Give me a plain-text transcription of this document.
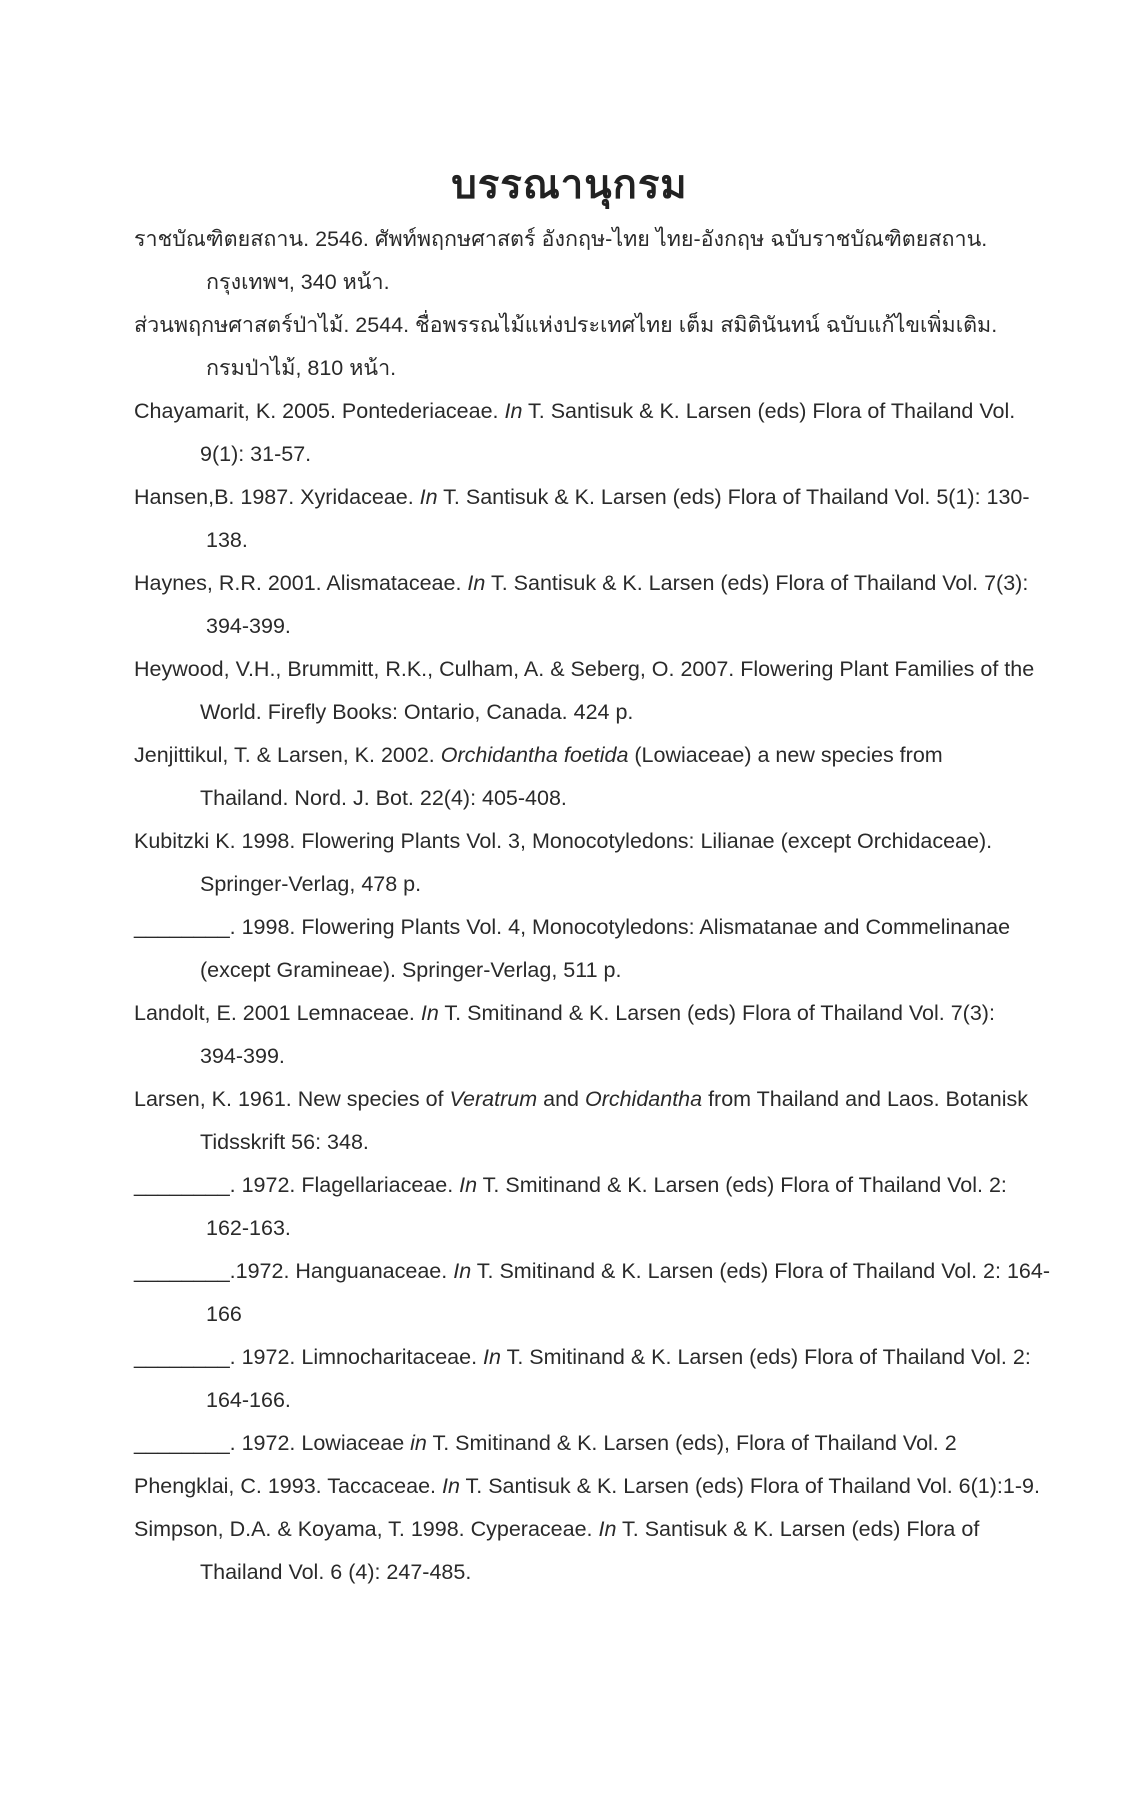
บรรณานุกรม
ราชบัณฑิตยสถาน. 2546. ศัพท์พฤกษศาสตร์ อังกฤษ-ไทย ไทย-อังกฤษ ฉบับราชบัณฑิตยสถาน.
กรุงเทพฯ, 340 หน้า.
ส่วนพฤกษศาสตร์ป่าไม้. 2544. ชื่อพรรณไม้แห่งประเทศไทย เต็ม สมิตินันทน์ ฉบับแก้ไขเพิ่มเติม.
กรมป่าไม้, 810 หน้า.
Chayamarit, K. 2005. Pontederiaceae. In T. Santisuk & K. Larsen (eds) Flora of Thailand Vol.
9(1): 31-57.
Hansen,B. 1987. Xyridaceae. In T. Santisuk & K. Larsen (eds) Flora of Thailand Vol. 5(1): 130-
138.
Haynes, R.R. 2001. Alismataceae. In T. Santisuk & K. Larsen (eds) Flora of Thailand Vol. 7(3):
394-399.
Heywood, V.H., Brummitt, R.K., Culham, A. & Seberg, O. 2007. Flowering Plant Families of the
World. Firefly Books: Ontario, Canada. 424 p.
Jenjittikul, T. & Larsen, K. 2002. Orchidantha foetida (Lowiaceae) a new species from
Thailand. Nord. J. Bot. 22(4): 405-408.
Kubitzki K. 1998. Flowering Plants Vol. 3, Monocotyledons: Lilianae (except Orchidaceae).
Springer-Verlag, 478 p.
________. 1998. Flowering Plants Vol. 4, Monocotyledons: Alismatanae and Commelinanae
(except Gramineae). Springer-Verlag, 511 p.
Landolt, E. 2001 Lemnaceae. In T. Smitinand & K. Larsen (eds) Flora of Thailand Vol. 7(3):
394-399.
Larsen, K. 1961. New species of Veratrum and Orchidantha from Thailand and Laos. Botanisk
Tidsskrift 56: 348.
________. 1972. Flagellariaceae. In T. Smitinand & K. Larsen (eds) Flora of Thailand Vol. 2:
162-163.
________.1972. Hanguanaceae. In T. Smitinand & K. Larsen (eds) Flora of Thailand Vol. 2: 164-
166
________. 1972. Limnocharitaceae. In T. Smitinand & K. Larsen (eds) Flora of Thailand Vol. 2:
164-166.
________. 1972. Lowiaceae in T. Smitinand & K. Larsen (eds), Flora of Thailand Vol. 2
Phengklai, C. 1993. Taccaceae. In T. Santisuk & K. Larsen (eds) Flora of Thailand Vol. 6(1):1-9.
Simpson, D.A. & Koyama, T. 1998. Cyperaceae. In T. Santisuk & K. Larsen (eds) Flora of
Thailand Vol. 6 (4): 247-485.
